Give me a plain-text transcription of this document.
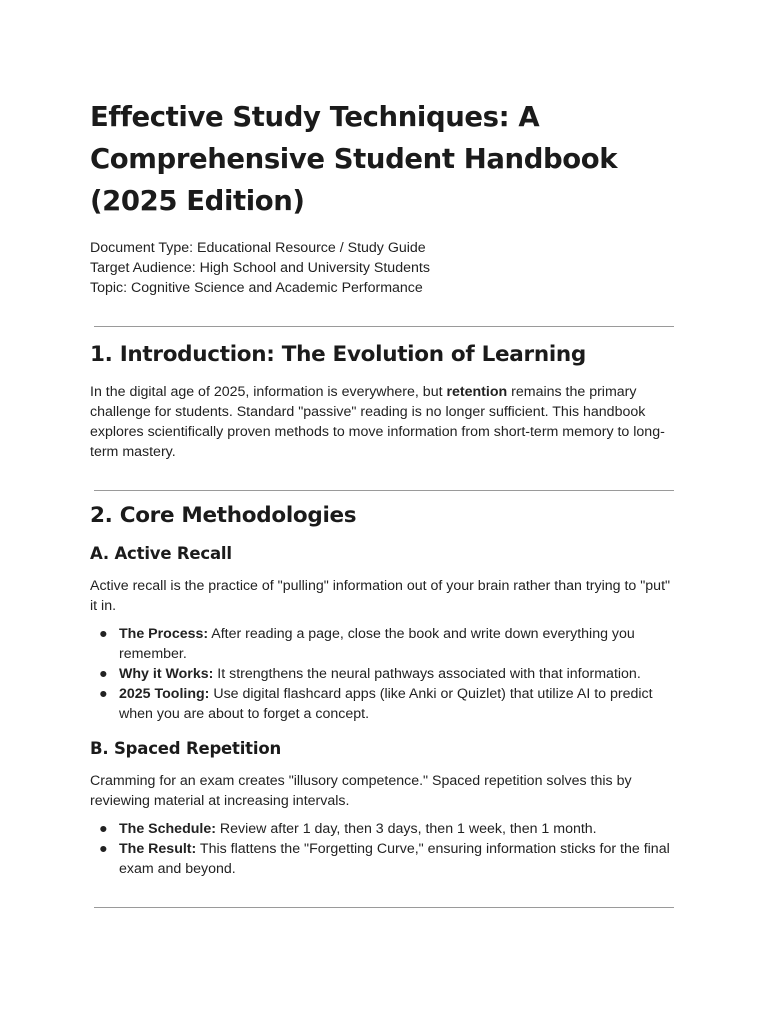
Effective Study Techniques: A Comprehensive Student Handbook (2025 Edition)
Document Type: Educational Resource / Study Guide
Target Audience: High School and University Students
Topic: Cognitive Science and Academic Performance
1. Introduction: The Evolution of Learning

In the digital age of 2025, information is everywhere, but retention remains the primary challenge for students. Standard "passive" reading is no longer sufficient. This handbook explores scientifically proven methods to move information from short-term memory to long-term mastery.

2. Core Methodologies
A. Active Recall

Active recall is the practice of "pulling" information out of your brain rather than trying to "put" it in.

● The Process: After reading a page, close the book and write down everything you remember.
● Why it Works: It strengthens the neural pathways associated with that information.
● 2025 Tooling: Use digital flashcard apps (like Anki or Quizlet) that utilize AI to predict when you are about to forget a concept.
B. Spaced Repetition

Cramming for an exam creates "illusory competence." Spaced repetition solves this by reviewing material at increasing intervals.

● The Schedule: Review after 1 day, then 3 days, then 1 week, then 1 month.
● The Result: This flattens the "Forgetting Curve," ensuring information sticks for the final exam and beyond.
